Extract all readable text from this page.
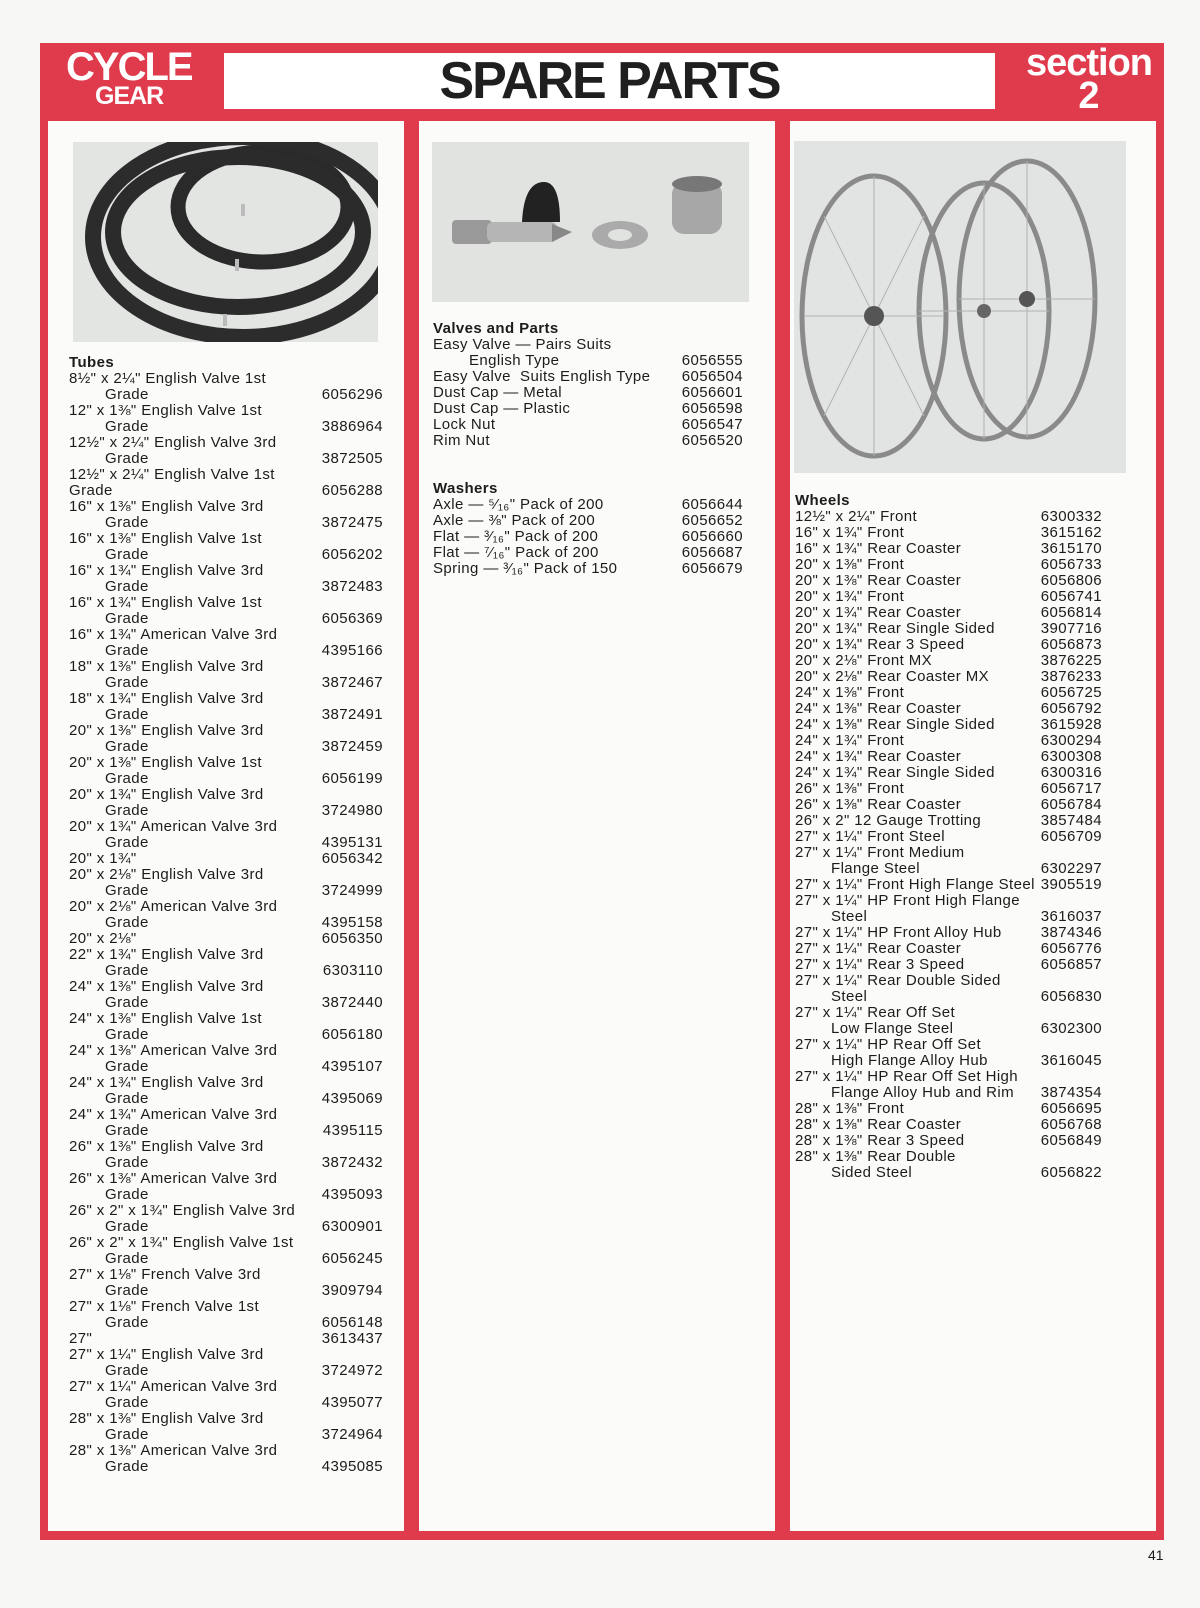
CYCLE
GEAR	SPARE PARTS	section
2
Tubes
8½" x 2¼" English Valve 1st
Grade	6056296
12" x 1⅜" English Valve 1st
Grade	3886964
12½" x 2¼" English Valve 3rd
Grade	3872505
12½" x 2¼" English Valve 1st
Grade	6056288
16" x 1⅜" English Valve 3rd
Grade	3872475
16" x 1⅜" English Valve 1st
Grade	6056202
16" x 1¾" English Valve 3rd
Grade	3872483
16" x 1¾" English Valve 1st
Grade	6056369
16" x 1¾" American Valve 3rd
Grade	4395166
18" x 1⅜" English Valve 3rd
Grade	3872467
18" x 1¾" English Valve 3rd
Grade	3872491
20" x 1⅜" English Valve 3rd
Grade	3872459
20" x 1⅜" English Valve 1st
Grade	6056199
20" x 1¾" English Valve 3rd
Grade	3724980
20" x 1¾" American Valve 3rd
Grade	4395131
20" x 1¾"	6056342
20" x 2⅛" English Valve 3rd
Grade	3724999
20" x 2⅛" American Valve 3rd
Grade	4395158
20" x 2⅛"	6056350
22" x 1¾" English Valve 3rd
Grade	6303110
24" x 1⅜" English Valve 3rd
Grade	3872440
24" x 1⅜" English Valve 1st
Grade	6056180
24" x 1⅜" American Valve 3rd
Grade	4395107
24" x 1¾" English Valve 3rd
Grade	4395069
24" x 1¾" American Valve 3rd
Grade	4395115
26" x 1⅜" English Valve 3rd
Grade	3872432
26" x 1⅜" American Valve 3rd
Grade	4395093
26" x 2" x 1¾" English Valve 3rd
Grade	6300901
26" x 2" x 1¾" English Valve 1st
Grade	6056245
27" x 1⅛" French Valve 3rd
Grade	3909794
27" x 1⅛" French Valve 1st
Grade	6056148
27"	3613437
27" x 1¼" English Valve 3rd
Grade	3724972
27" x 1¼" American Valve 3rd
Grade	4395077
28" x 1⅜" English Valve 3rd
Grade	3724964
28" x 1⅜" American Valve 3rd
Grade	4395085
Valves and Parts
Easy Valve — Pairs Suits
English Type	6056555
Easy Valve  Suits English Type 6056504
Dust Cap — Metal	6056601
Dust Cap — Plastic	6056598
Lock Nut	6056547
Rim Nut	6056520
Washers
Axle — ⁵⁄₁₆" Pack of 200	6056644
Axle — ⅜" Pack of 200	6056652
Flat — ³⁄₁₆" Pack of 200	6056660
Flat — ⁷⁄₁₆" Pack of 200	6056687
Spring — ³⁄₁₆" Pack of 150	6056679
Wheels
12½" x 2¼" Front	6300332
16" x 1¾" Front	3615162
16" x 1¾" Rear Coaster	3615170
20" x 1⅜" Front	6056733
20" x 1⅜" Rear Coaster	6056806
20" x 1¾" Front	6056741
20" x 1¾" Rear Coaster	6056814
20" x 1¾" Rear Single Sided	3907716
20" x 1¾" Rear 3 Speed	6056873
20" x 2⅛" Front MX	3876225
20" x 2⅛" Rear Coaster MX	3876233
24" x 1⅜" Front	6056725
24" x 1⅜" Rear Coaster	6056792
24" x 1⅜" Rear Single Sided	3615928
24" x 1¾" Front	6300294
24" x 1¾" Rear Coaster	6300308
24" x 1¾" Rear Single Sided	6300316
26" x 1⅜" Front	6056717
26" x 1⅜" Rear Coaster	6056784
26" x 2" 12 Gauge Trotting	3857484
27" x 1¼" Front Steel	6056709
27" x 1¼" Front Medium
Flange Steel	6302297
27" x 1¼" Front High Flange Steel 3905519
27" x 1¼" HP Front High Flange
Steel	3616037
27" x 1¼" HP Front Alloy Hub	3874346
27" x 1¼" Rear Coaster	6056776
27" x 1¼" Rear 3 Speed	6056857
27" x 1¼" Rear Double Sided
Steel	6056830
27" x 1¼" Rear Off Set
Low Flange Steel	6302300
27" x 1¼" HP Rear Off Set
High Flange Alloy Hub	3616045
27" x 1¼" HP Rear Off Set High
Flange Alloy Hub and Rim 3874354
28" x 1⅜" Front	6056695
28" x 1⅜" Rear Coaster	6056768
28" x 1⅜" Rear 3 Speed	6056849
28" x 1⅜" Rear Double
Sided Steel	6056822
41
